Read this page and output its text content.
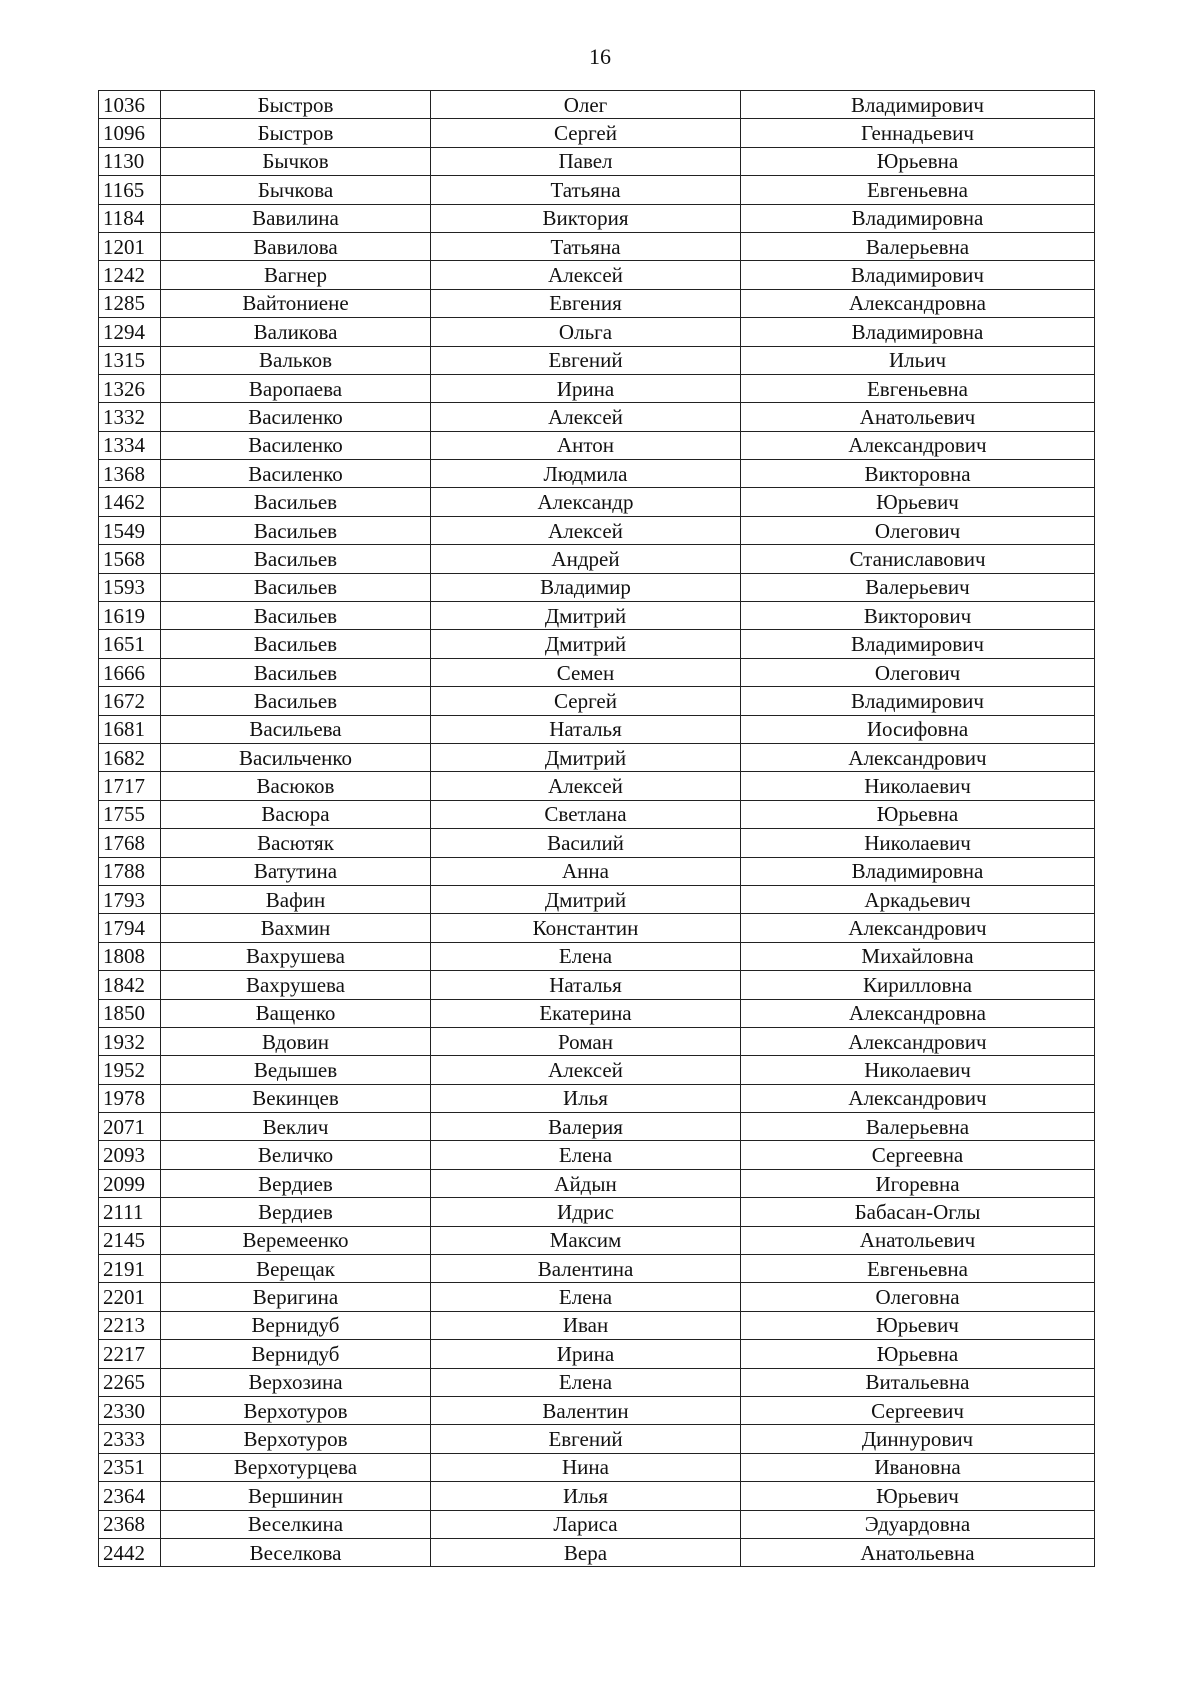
16
1036	Быстров	Олег	Владимирович
1096	Быстров	Сергей	Геннадьевич
1130	Бычков	Павел	Юрьевна
1165	Бычкова	Татьяна	Евгеньевна
1184	Вавилина	Виктория	Владимировна
1201	Вавилова	Татьяна	Валерьевна
1242	Вагнер	Алексей	Владимирович
1285	Вайтониене	Евгения	Александровна
1294	Валикова	Ольга	Владимировна
1315	Вальков	Евгений	Ильич
1326	Варопаева	Ирина	Евгеньевна
1332	Василенко	Алексей	Анатольевич
1334	Василенко	Антон	Александрович
1368	Василенко	Людмила	Викторовна
1462	Васильев	Александр	Юрьевич
1549	Васильев	Алексей	Олегович
1568	Васильев	Андрей	Станиславович
1593	Васильев	Владимир	Валерьевич
1619	Васильев	Дмитрий	Викторович
1651	Васильев	Дмитрий	Владимирович
1666	Васильев	Семен	Олегович
1672	Васильев	Сергей	Владимирович
1681	Васильева	Наталья	Иосифовна
1682	Васильченко	Дмитрий	Александрович
1717	Васюков	Алексей	Николаевич
1755	Васюра	Светлана	Юрьевна
1768	Васютяк	Василий	Николаевич
1788	Ватутина	Анна	Владимировна
1793	Вафин	Дмитрий	Аркадьевич
1794	Вахмин	Константин	Александрович
1808	Вахрушева	Елена	Михайловна
1842	Вахрушева	Наталья	Кирилловна
1850	Ващенко	Екатерина	Александровна
1932	Вдовин	Роман	Александрович
1952	Ведышев	Алексей	Николаевич
1978	Векинцев	Илья	Александрович
2071	Веклич	Валерия	Валерьевна
2093	Величко	Елена	Сергеевна
2099	Вердиев	Айдын	Игоревна
2111	Вердиев	Идрис	Бабасан-Оглы
2145	Веремеенко	Максим	Анатольевич
2191	Верещак	Валентина	Евгеньевна
2201	Веригина	Елена	Олеговна
2213	Вернидуб	Иван	Юрьевич
2217	Вернидуб	Ирина	Юрьевна
2265	Верхозина	Елена	Витальевна
2330	Верхотуров	Валентин	Сергеевич
2333	Верхотуров	Евгений	Диннурович
2351	Верхотурцева	Нина	Ивановна
2364	Вершинин	Илья	Юрьевич
2368	Веселкина	Лариса	Эдуардовна
2442	Веселкова	Вера	Анатольевна
